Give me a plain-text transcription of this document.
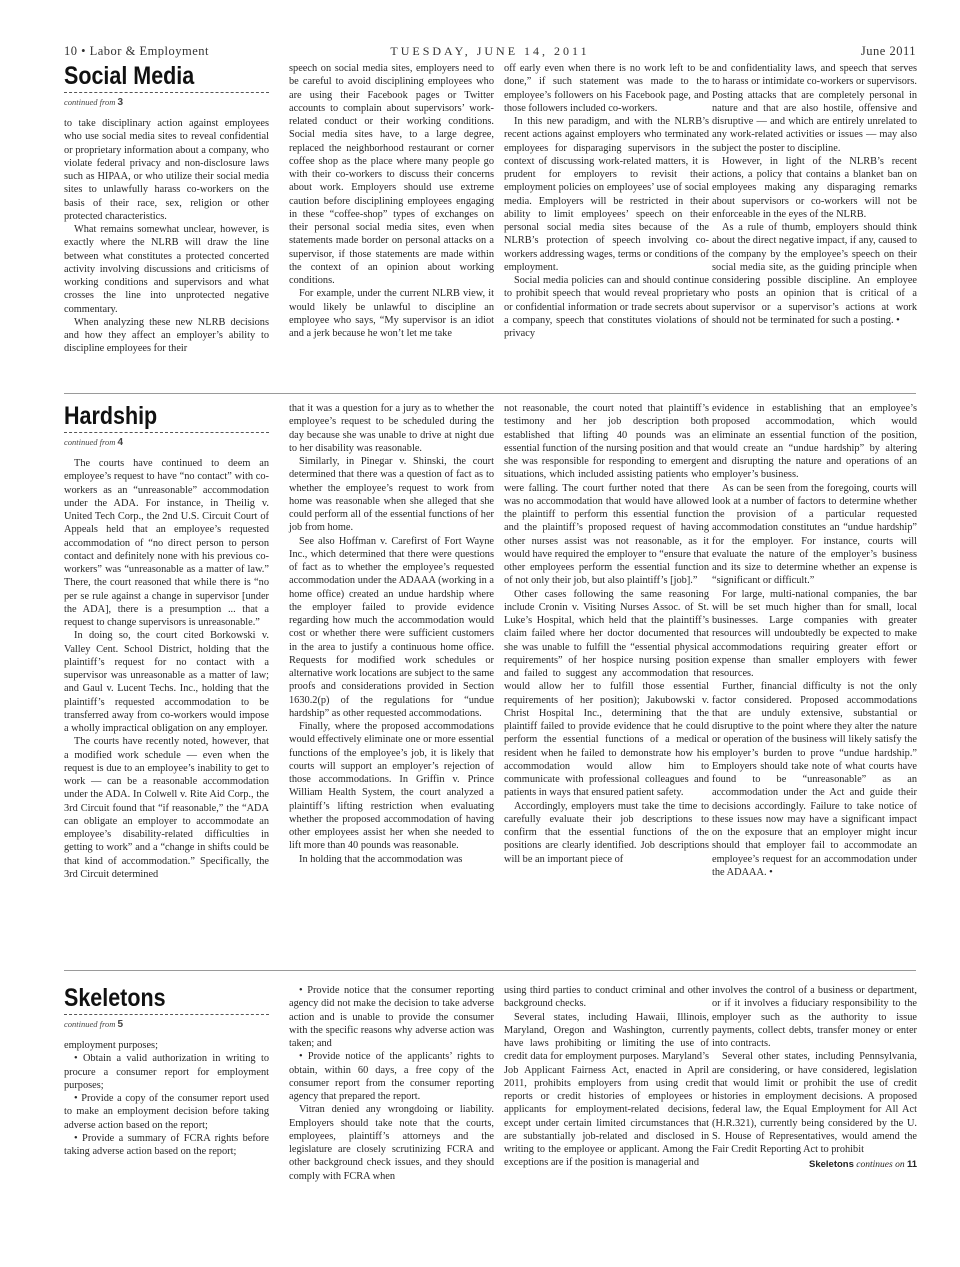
10 • Labor & Employment	TUESDAY, JUNE 14, 2011	June 2011
Social Media
continued from 3

to take disciplinary action against employees who use social media sites to reveal confidential or proprietary information about a company, who violate federal privacy and non-disclosure laws such as HIPAA, or who utilize their social media sites to unlawfully harass co-workers on the basis of their race, sex, religion or other protected characteristics.

What remains somewhat unclear, however, is exactly where the NLRB will draw the line between what constitutes a protected concerted activity involving discussions and criticisms of working conditions and supervisors and what crosses the line into unprotected negative commentary.

When analyzing these new NLRB decisions and how they affect an employer’s ability to discipline employees for their

speech on social media sites, employers need to be careful to avoid disciplining employees who are using their Facebook pages or Twitter accounts to complain about supervisors’ work-related conduct or their working conditions. Social media sites have, to a large degree, replaced the neighborhood restaurant or corner coffee shop as the place where many people go with their co-workers to discuss their concerns about work. Employers should use extreme caution before disciplining employees engaging in these “coffee-shop” types of exchanges on their personal social media sites, even when statements made border on personal attacks on a supervisor, if those statements are made within the context of an opinion about working conditions.

For example, under the current NLRB view, it would likely be unlawful to discipline an employee who says, “My supervisor is an idiot and a jerk because he won’t let me take

off early even when there is no work left to be done,” if such statement was made to the employee’s followers on his Facebook page, and those followers included co-workers.

In this new paradigm, and with the NLRB’s recent actions against employers who terminated employees for disparaging supervisors in the context of discussing work-related matters, it is prudent for employers to revisit their employment policies on employees’ use of social media. Employers will be restricted in their ability to limit employees’ speech on their personal social media sites because of the NLRB’s protection of speech involving co-workers addressing wages, terms or conditions of employment.

Social media policies can and should continue to prohibit speech that would reveal proprietary or confidential information or trade secrets about a company, speech that constitutes violations of privacy

and confidentiality laws, and speech that serves to harass or intimidate co-workers or supervisors. Posting attacks that are completely personal in nature and that are also hostile, offensive and disruptive — and which are entirely unrelated to any work-related activities or issues — may also subject the poster to discipline.

However, in light of the NLRB’s recent actions, a policy that contains a blanket ban on employees making any disparaging remarks about supervisors or co-workers will not be enforceable in the eyes of the NLRB.

As a rule of thumb, employers should think about the direct negative impact, if any, caused to the company by the employee’s speech on their social media site, as the guiding principle when considering possible discipline. An employee who posts an opinion that is critical of a supervisor or a supervisor’s actions at work should not be terminated for such a posting. •

Hardship
continued from 4

The courts have continued to deem an employee’s request to have “no contact” with co-workers as an “unreasonable” accommodation under the ADA. For instance, in Theilig v. United Tech Corp., the 2nd U.S. Circuit Court of Appeals held that an employee’s requested accommodation of “no direct person to person contact and definitely none with his previous co-workers” was “unreasonable as a matter of law.” There, the court reasoned that while there is “no per se rule against a change in supervisor [under the ADA], there is a presumption ... that a request to change supervisors is unreasonable.”

In doing so, the court cited Borkowski v. Valley Cent. School District, holding that the plaintiff’s request for no contact with a supervisor was unreasonable as a matter of law; and Gaul v. Lucent Techs. Inc., holding that the plaintiff’s requested accommodation to be transferred away from co-workers would impose a wholly impractical obligation on any employer.

The courts have recently noted, however, that a modified work schedule — even when the request is due to an employee’s inability to get to work — can be a reasonable accommodation under the ADA. In Colwell v. Rite Aid Corp., the 3rd Circuit found that “if reasonable,” the “ADA can obligate an employer to accommodate an employee’s disability-related difficulties in getting to work” and a “change in shifts could be that kind of accommodation.” Specifically, the 3rd Circuit determined

that it was a question for a jury as to whether the employee’s request to be scheduled during the day because she was unable to drive at night due to her disability was reasonable.

Similarly, in Pinegar v. Shinski, the court determined that there was a question of fact as to whether the employee’s request to work from home was reasonable when she alleged that she could perform all of the essential functions of her job from home.

See also Hoffman v. Carefirst of Fort Wayne Inc., which determined that there were questions of fact as to whether the employee’s requested accommodation under the ADAAA (working in a home office) created an undue hardship where the employer failed to provide evidence regarding how much the accommodation would cost or whether there were sufficient customers in the area to justify a continuous home office. Requests for modified work schedules or alternative work locations are subject to the same proofs and considerations provided in Section 1630.2(p) of the regulations for “undue hardship” as other requested accommodations.

Finally, where the proposed accommodations would effectively eliminate one or more essential functions of the employee’s job, it is likely that courts will support an employer’s rejection of those accommodations. In Griffin v. Prince William Health System, the court analyzed a plaintiff’s lifting restriction when evaluating whether the proposed accommodation of having other employees assist her when she needed to lift more than 40 pounds was reasonable.

In holding that the accommodation was

not reasonable, the court noted that plaintiff’s testimony and her job description both established that lifting 40 pounds was an essential function of the nursing position and that she was responsible for responding to emergent situations, which included assisting patients who were falling. The court further noted that there was no accommodation that would have allowed the plaintiff to perform this essential function and the plaintiff’s proposed request of having other nurses assist was not reasonable, as it would have required the employer to “ensure that other employees perform the essential function of not only their job, but also plaintiff’s [job].”

Other cases following the same reasoning include Cronin v. Visiting Nurses Assoc. of St. Luke’s Hospital, which held that the plaintiff’s claim failed where her doctor documented that she was unable to fulfill the “essential physical requirements” of her hospice nursing position and failed to suggest any accommodation that would allow her to fulfill those essential requirements of her position); Jakubowski v. Christ Hospital Inc., determining that the plaintiff failed to provide evidence that he could perform the essential functions of a medical resident when he failed to demonstrate how his accommodation would allow him to communicate with professional colleagues and patients in ways that ensured patient safety.

Accordingly, employers must take the time to carefully evaluate their job descriptions to confirm that the essential functions of the positions are clearly identified. Job descriptions will be an important piece of

evidence in establishing that an employee’s proposed accommodation, which would eliminate an essential function of the position, would create an “undue hardship” by altering and disrupting the nature and operations of an employer’s business.

As can be seen from the foregoing, courts will look at a number of factors to determine whether the provision of a particular requested accommodation constitutes an “undue hardship” for the employer. For instance, courts will evaluate the nature of the employer’s business and its size to determine whether an expense is “significant or difficult.”

For large, multi-national companies, the bar will be set much higher than for small, local businesses. Large companies with greater resources will undoubtedly be expected to make accommodations requiring greater effort or expense than smaller employers with fewer resources.

Further, financial difficulty is not the only factor considered. Proposed accommodations that are unduly extensive, substantial or disruptive to the point where they alter the nature or operation of the business will likely satisfy the employer’s burden to prove “undue hardship.” Employers should take note of what courts have found to be “unreasonable” as an accommodation under the Act and guide their decisions accordingly. Failure to take notice of these issues now may have a significant impact on the exposure that an employer might incur should that employer fail to accommodate an employee’s request for an accommodation under the ADAAA. •

Skeletons
continued from 5

employment purposes;

• Obtain a valid authorization in writing to procure a consumer report for employment purposes;

• Provide a copy of the consumer report used to make an employment decision before taking adverse action based on the report;

• Provide a summary of FCRA rights before taking adverse action based on the report;

• Provide notice that the consumer reporting agency did not make the decision to take adverse action and is unable to provide the consumer with the specific reasons why adverse action was taken; and

• Provide notice of the applicants’ rights to obtain, within 60 days, a free copy of the consumer report from the consumer reporting agency that prepared the report.

Vitran denied any wrongdoing or liability. Employers should take note that the courts, employees, plaintiff’s attorneys and the legislature are closely scrutinizing FCRA and other background check issues, and they should comply with FCRA when

using third parties to conduct criminal and other background checks.

Several states, including Hawaii, Illinois, Maryland, Oregon and Washington, currently have laws prohibiting or limiting the use of credit data for employment purposes. Maryland’s Job Applicant Fairness Act, enacted in April 2011, prohibits employers from using credit reports or credit histories of employees or applicants for employment-related decisions, except under certain limited circumstances that are substantially job-related and disclosed in writing to the employee or applicant. Among the exceptions are if the position is managerial and

involves the control of a business or department, or if it involves a fiduciary responsibility to the employer such as the authority to issue payments, collect debts, transfer money or enter into contracts.

Several other states, including Pennsylvania, are considering, or have considered, legislation that would limit or prohibit the use of credit histories in employment decisions. A proposed federal law, the Equal Employment for All Act (H.R.321), currently being considered by the U. S. House of Representatives, would amend the Fair Credit Reporting Act to prohibit

Skeletons continues on 11
